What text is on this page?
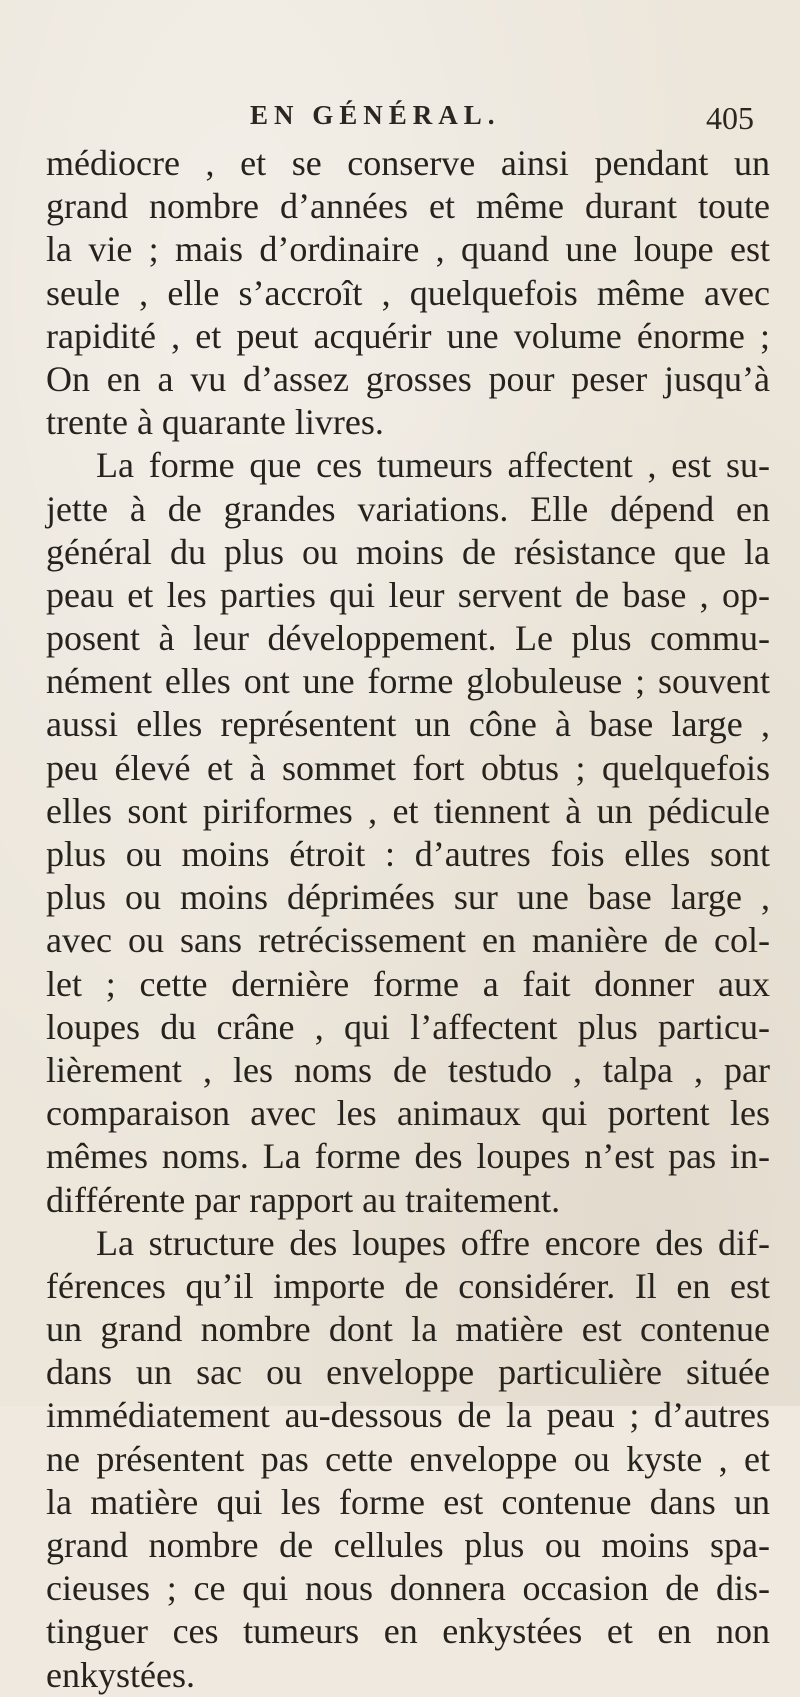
EN GÉNÉRAL.	405
médiocre , et se conserve ainsi pendant un
grand nombre d’années et même durant toute
la vie ; mais d’ordinaire , quand une loupe est
seule , elle s’accroît , quelquefois même avec
rapidité , et peut acquérir une volume énorme ;
On en a vu d’assez grosses pour peser jusqu’à
trente à quarante livres.
La forme que ces tumeurs affectent , est su-
jette à de grandes variations. Elle dépend en
général du plus ou moins de résistance que la
peau et les parties qui leur servent de base , op-
posent à leur développement. Le plus commu-
nément elles ont une forme globuleuse ; souvent
aussi elles représentent un cône à base large ,
peu élevé et à sommet fort obtus ; quelquefois
elles sont piriformes , et tiennent à un pédicule
plus ou moins étroit : d’autres fois elles sont
plus ou moins déprimées sur une base large ,
avec ou sans retrécissement en manière de col-
let ; cette dernière forme a fait donner aux
loupes du crâne , qui l’affectent plus particu-
lièrement , les noms de testudo , talpa , par
comparaison avec les animaux qui portent les
mêmes noms. La forme des loupes n’est pas in-
différente par rapport au traitement.
La structure des loupes offre encore des dif-
férences qu’il importe de considérer. Il en est
un grand nombre dont la matière est contenue
dans un sac ou enveloppe particulière située
immédiatement au-dessous de la peau ; d’autres
ne présentent pas cette enveloppe ou kyste , et
la matière qui les forme est contenue dans un
grand nombre de cellules plus ou moins spa-
cieuses ; ce qui nous donnera occasion de dis-
tinguer ces tumeurs en enkystées et en non
enkystées.
